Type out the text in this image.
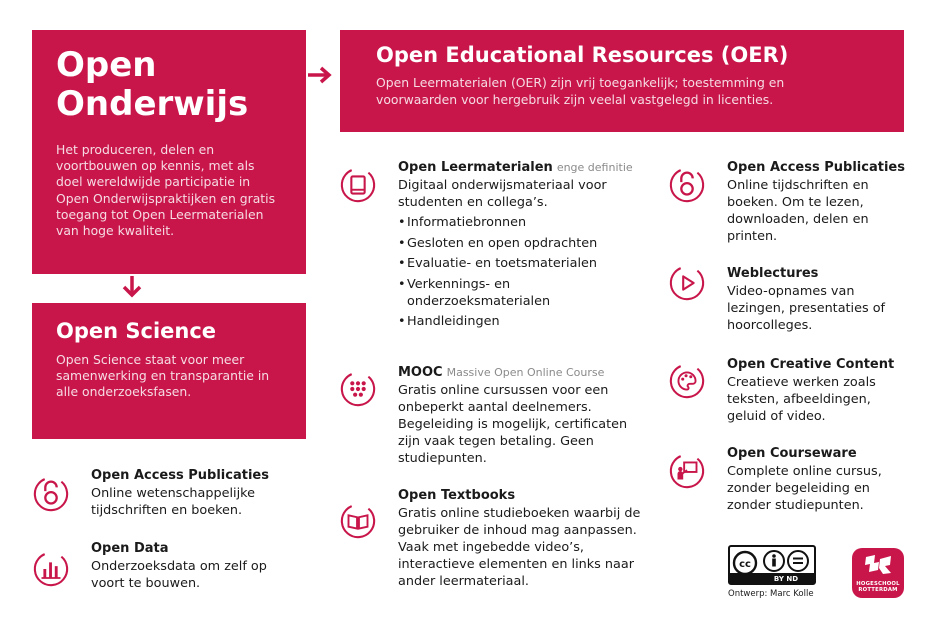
Open
Onderwijs
Het produceren, delen en voortbouwen op kennis, met als doel wereldwijde participatie in Open Onderwijspraktijken en gratis toegang tot Open Leermaterialen van hoge kwaliteit.
Open Educational Resources (OER)
Open Leermaterialen (OER) zijn vrij toegankelijk; toestemming en voorwaarden voor hergebruik zijn veelal vastgelegd in licenties.
Open Science
Open Science staat voor meer samenwerking en transparantie in alle onderzoeksfasen.
Open Access Publicaties
Online wetenschappelijke tijdschriften en boeken.
Open Data
Onderzoeksdata om zelf op voort te bouwen.
Open Leermaterialen enge definitie
Digitaal onderwijsmateriaal voor studenten en collega’s.
• Informatiebronnen
• Gesloten en open opdrachten
• Evaluatie- en toetsmaterialen
• Verkennings- en onderzoeksmaterialen
• Handleidingen
MOOC Massive Open Online Course
Gratis online cursussen voor een onbeperkt aantal deelnemers. Begeleiding is mogelijk, certificaten zijn vaak tegen betaling. Geen studiepunten.
Open Textbooks
Gratis online studieboeken waarbij de gebruiker de inhoud mag aanpassen. Vaak met ingebedde video’s, interactieve elementen en links naar ander leermateriaal.
Open Access Publicaties
Online tijdschriften en boeken. Om te lezen, downloaden, delen en printen.
Weblectures
Video-opnames van lezingen, presentaties of hoorcolleges.
Open Creative Content
Creatieve werken zoals teksten, afbeeldingen, geluid of video.
Open Courseware
Complete online cursus, zonder begeleiding en zonder studiepunten.
cc
BY ND
Ontwerp: Marc Kolle
HOGESCHOOL
ROTTERDAM
